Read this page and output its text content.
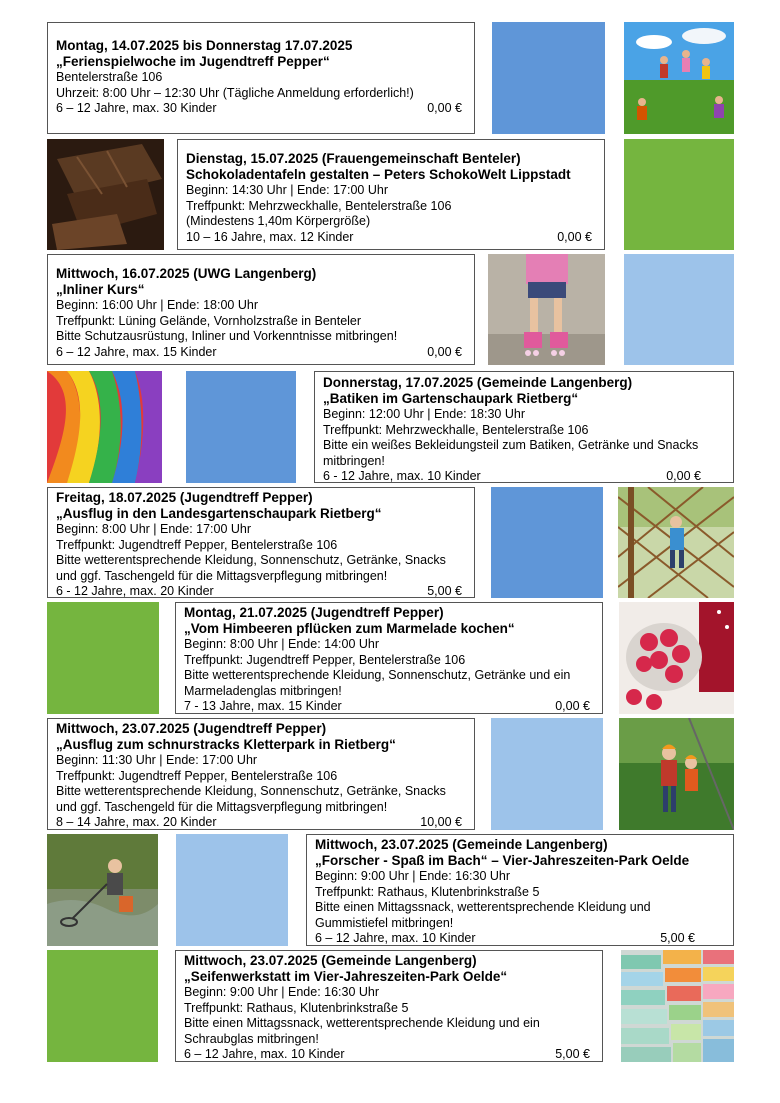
Montag, 14.07.2025 bis Donnerstag 17.07.2025
„Ferienspielwoche im Jugendtreff Pepper“
Bentelerstraße 106
Uhrzeit: 8:00 Uhr – 12:30 Uhr (Tägliche Anmeldung erforderlich!)
6 – 12 Jahre, max. 30 Kinder	0,00 €
Dienstag, 15.07.2025 (Frauengemeinschaft Benteler)
Schokoladentafeln gestalten – Peters SchokoWelt Lippstadt
Beginn: 14:30 Uhr | Ende: 17:00 Uhr
Treffpunkt: Mehrzweckhalle, Bentelerstraße 106
(Mindestens 1,40m Körpergröße)
10 – 16 Jahre, max. 12 Kinder	0,00 €
Mittwoch, 16.07.2025 (UWG Langenberg)
„Inliner Kurs“
Beginn: 16:00 Uhr | Ende: 18:00 Uhr
Treffpunkt: Lüning Gelände, Vornholzstraße in Benteler
Bitte Schutzausrüstung, Inliner und Vorkenntnisse mitbringen!
6 – 12 Jahre, max. 15 Kinder	0,00 €
Donnerstag, 17.07.2025 (Gemeinde Langenberg)
„Batiken im Gartenschaupark Rietberg“
Beginn: 12:00 Uhr | Ende: 18:30 Uhr
Treffpunkt: Mehrzweckhalle, Bentelerstraße 106
Bitte ein weißes Bekleidungsteil zum Batiken, Getränke und Snacks
mitbringen!
6 - 12 Jahre, max. 10 Kinder	0,00 €
Freitag, 18.07.2025 (Jugendtreff Pepper)
„Ausflug in den Landesgartenschaupark Rietberg“
Beginn: 8:00 Uhr | Ende: 17:00 Uhr
Treffpunkt: Jugendtreff Pepper, Bentelerstraße 106
Bitte wetterentsprechende Kleidung, Sonnenschutz, Getränke, Snacks
und ggf. Taschengeld für die Mittagsverpflegung mitbringen!
6 - 12 Jahre, max. 20 Kinder	5,00 €
Montag, 21.07.2025 (Jugendtreff Pepper)
„Vom Himbeeren pflücken zum Marmelade kochen“
Beginn: 8:00 Uhr | Ende: 14:00 Uhr
Treffpunkt: Jugendtreff Pepper, Bentelerstraße 106
Bitte wetterentsprechende Kleidung, Sonnenschutz, Getränke und ein
Marmeladenglas mitbringen!
7 - 13 Jahre, max. 15 Kinder	0,00 €
Mittwoch, 23.07.2025 (Jugendtreff Pepper)
„Ausflug zum schnurstracks Kletterpark in Rietberg“
Beginn: 11:30 Uhr | Ende: 17:00 Uhr
Treffpunkt: Jugendtreff Pepper, Bentelerstraße 106
Bitte wetterentsprechende Kleidung, Sonnenschutz, Getränke, Snacks
und ggf. Taschengeld für die Mittagsverpflegung mitbringen!
8 – 14 Jahre, max. 20 Kinder	10,00 €
Mittwoch, 23.07.2025 (Gemeinde Langenberg)
„Forscher - Spaß im Bach“ – Vier-Jahreszeiten-Park Oelde
Beginn: 9:00 Uhr | Ende: 16:30 Uhr
Treffpunkt: Rathaus, Klutenbrinkstraße 5
Bitte einen Mittagssnack, wetterentsprechende Kleidung und
Gummistiefel mitbringen!
6 – 12 Jahre, max. 10 Kinder	5,00 €
Mittwoch, 23.07.2025 (Gemeinde Langenberg)
„Seifenwerkstatt im Vier-Jahreszeiten-Park Oelde“
Beginn: 9:00 Uhr | Ende: 16:30 Uhr
Treffpunkt: Rathaus, Klutenbrinkstraße 5
Bitte einen Mittagssnack, wetterentsprechende Kleidung und ein
Schraubglas mitbringen!
6 – 12 Jahre, max. 10 Kinder	5,00 €
